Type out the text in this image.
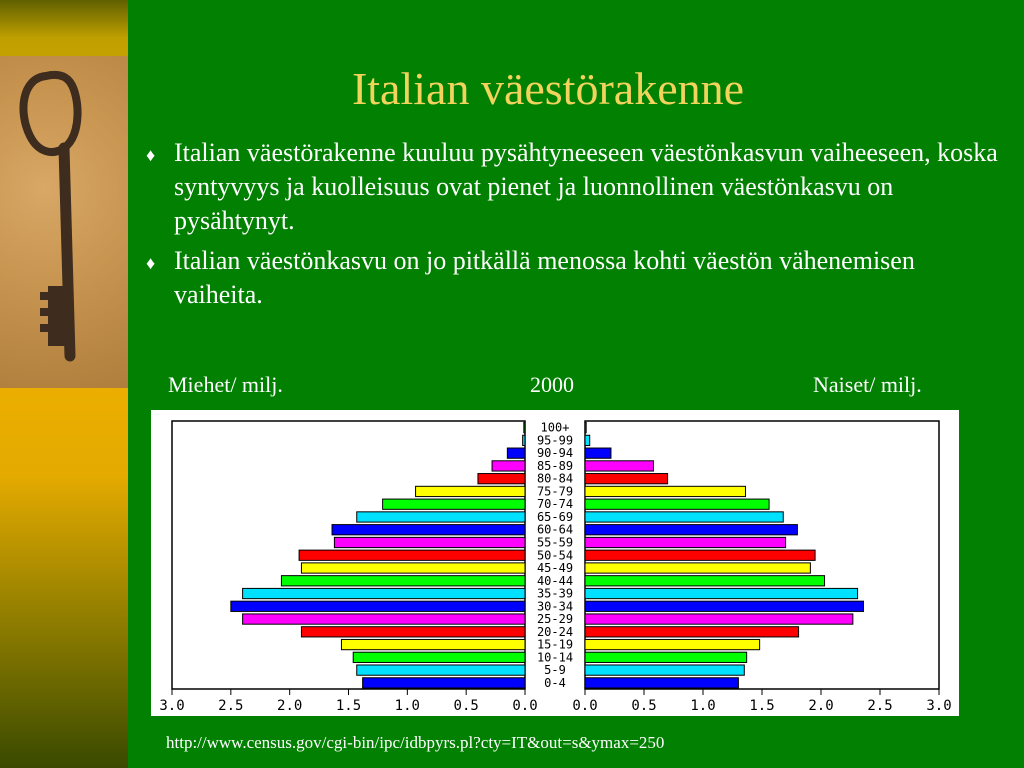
Italian väestörakenne
♦ Italian väestörakenne kuuluu pysähtyneeseen väestönkasvun vaiheeseen, koska syntyvyys ja kuolleisuus ovat pienet ja luonnollinen väestönkasvu on pysähtynyt.
♦ Italian väestönkasvu on jo pitkällä menossa kohti väestön vähenemisen vaiheita.
Miehet/ milj.	2000	Naiset/ milj.
0-4
5-9
10-14
15-19
20-24
25-29
30-34
35-39
40-44
45-49
50-54
55-59
60-64
65-69
70-74
75-79
80-84
85-89
90-94
95-99
100+
3.0 2.5 2.0 1.5 1.0 0.5 0.0 0.0 0.5 1.0 1.5 2.0 2.5 3.0
http://www.census.gov/cgi-bin/ipc/idbpyrs.pl?cty=IT&out=s&ymax=250
